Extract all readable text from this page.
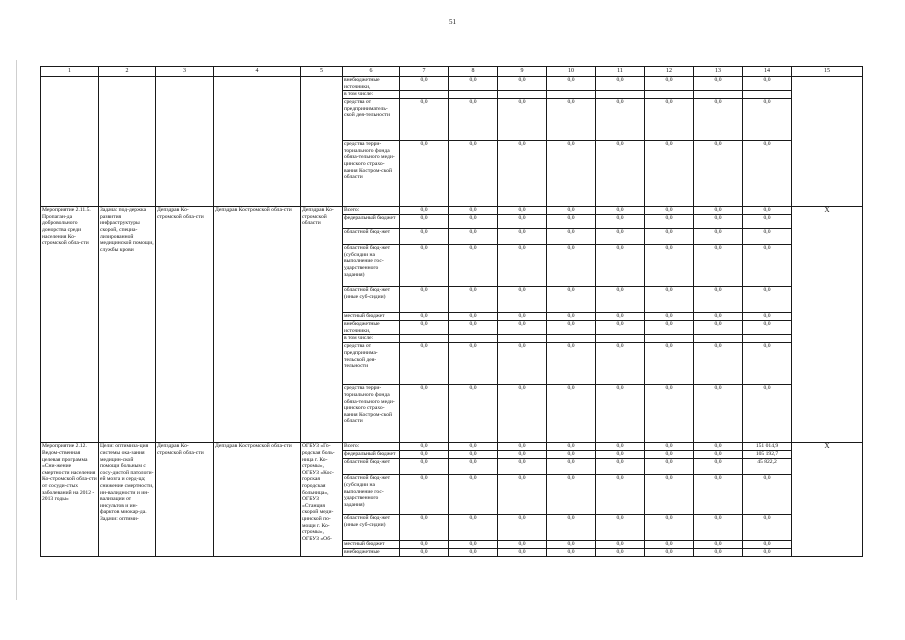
51
1	2	3	4	5	6	7	8	9	10	11	12	13	14	15
					внебюджетные источники,	0,0	0,0	0,0	0,0	0,0	0,0	0,0	0,0	
					в том числе:									
					средства от предприниматель-ской дея-тельности	0,0	0,0	0,0	0,0	0,0	0,0	0,0	0,0	
					средства терри-ториального фонда обяза-тельного меди-цинского страхо-вания Костром-ской области	0,0	0,0	0,0	0,0	0,0	0,0	0,0	0,0	
Мероприятие 2.11.5. Пропаган-да добровольного донорства среди населения Ко-стромской обла-сти	Задача: под-держка развития инфраструктуры скорой, специа-лизированной медицинской помощи, службы крови	Депздрав Ко-стромской обла-сти	Депздрав Костромской обла-сти	Депздрав Ко-стромской области	Всего:	0,0	0,0	0,0	0,0	0,0	0,0	0,0	0,0	X
					федеральный бюджет	0,0	0,0	0,0	0,0	0,0	0,0	0,0	0,0	
					областной бюд-жет	0,0	0,0	0,0	0,0	0,0	0,0	0,0	0,0	
					областной бюд-жет (субсидии на выполнение гос-ударственного задания)	0,0	0,0	0,0	0,0	0,0	0,0	0,0	0,0	
					областной бюд-жет (иные суб-сидии)	0,0	0,0	0,0	0,0	0,0	0,0	0,0	0,0	
					местный бюджет	0,0	0,0	0,0	0,0	0,0	0,0	0,0	0,0	
					внебюджетные источники,	0,0	0,0	0,0	0,0	0,0	0,0	0,0	0,0	
					в том числе:									
					средства от предпринима-тельской дея-тельности	0,0	0,0	0,0	0,0	0,0	0,0	0,0	0,0	
					средства терри-ториального фонда обяза-тельного меди-цинского страхо-вания Костром-ской области	0,0	0,0	0,0	0,0	0,0	0,0	0,0	0,0	
Мероприятие 2.12. Ведом-ственная целевая программа «Сни-жение смертности населения Ко-стромской обла-сти от сосуди-стых заболеваний на 2012 - 2013 годы»	Цели: оптимиза-ция системы ока-зания медицин-ской помощи больным с сосу-дистой патологи-ей мозга и серд-ца; снижение смертности, ин-валидности и ин-вализации от инсультов и ин-фарктов миокар-да. Задачи: оптими-	Депздрав Ко-стромской обла-сти	Депздрав Костромской обла-сти	ОГБУЗ «Го-родская боль-ница г. Ко-стромы», ОГБУЗ «Кос-горская городская больница», ОГБУЗ «Станция скорой меди-цинской по-мощи г. Ко-стромы», ОГБУЗ «Об-	Всего:	0,0	0,0	0,0	0,0	0,0	0,0	0,0	151 014,9	X
					федеральный бюджет	0,0	0,0	0,0	0,0	0,0	0,0	0,0	105 192,7	
					областной бюд-жет	0,0	0,0	0,0	0,0	0,0	0,0	0,0	45 822,2	
					областной бюд-жет (субсидии на выполнение гос-ударственного задания)	0,0	0,0	0,0	0,0	0,0	0,0	0,0	0,0	
					областной бюд-жет (иные суб-сидии)	0,0	0,0	0,0	0,0	0,0	0,0	0,0	0,0	
					местный бюджет	0,0	0,0	0,0	0,0	0,0	0,0	0,0	0,0	
					внебюджетные	0,0	0,0	0,0	0,0	0,0	0,0	0,0	0,0	
